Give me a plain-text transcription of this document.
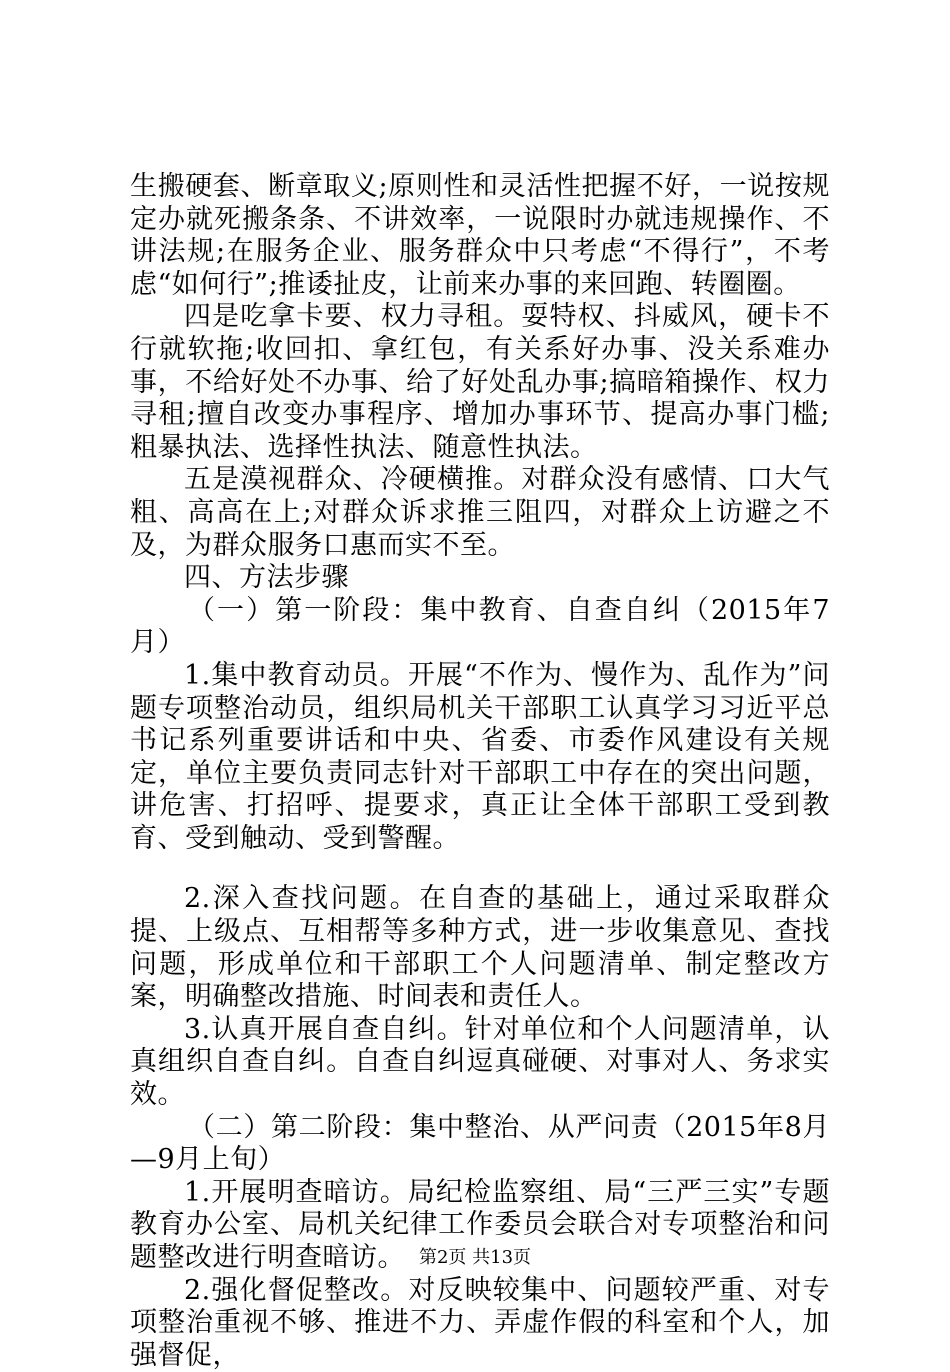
生搬硬套、断章取义;原则性和灵活性把握不好，一说按规定办就死搬条条、不讲效率，一说限时办就违规操作、不讲法规;在服务企业、服务群众中只考虑“不得行”，不考虑“如何行”;推诿扯皮，让前来办事的来回跑、转圈圈。

四是吃拿卡要、权力寻租。耍特权、抖威风，硬卡不行就软拖;收回扣、拿红包，有关系好办事、没关系难办事，不给好处不办事、给了好处乱办事;搞暗箱操作、权力寻租;擅自改变办事程序、增加办事环节、提高办事门槛;粗暴执法、选择性执法、随意性执法。

五是漠视群众、冷硬横推。对群众没有感情、口大气粗、高高在上;对群众诉求推三阻四，对群众上访避之不及，为群众服务口惠而实不至。

四、方法步骤

（一）第一阶段：集中教育、自查自纠（2015年7月）

1.集中教育动员。开展“不作为、慢作为、乱作为”问题专项整治动员，组织局机关干部职工认真学习习近平总书记系列重要讲话和中央、省委、市委作风建设有关规定，单位主要负责同志针对干部职工中存在的突出问题，讲危害、打招呼、提要求，真正让全体干部职工受到教育、受到触动、受到警醒。

2.深入查找问题。在自查的基础上，通过采取群众提、上级点、互相帮等多种方式，进一步收集意见、查找问题，形成单位和干部职工个人问题清单、制定整改方案，明确整改措施、时间表和责任人。

3.认真开展自查自纠。针对单位和个人问题清单，认真组织自查自纠。自查自纠逗真碰硬、对事对人、务求实效。

（二）第二阶段：集中整治、从严问责（2015年8月—9月上旬）

1.开展明查暗访。局纪检监察组、局“三严三实”专题教育办公室、局机关纪律工作委员会联合对专项整治和问题整改进行明查暗访。

2.强化督促整改。对反映较集中、问题较严重、对专项整治重视不够、推进不力、弄虚作假的科室和个人，加强督促，

第2页 共13页
